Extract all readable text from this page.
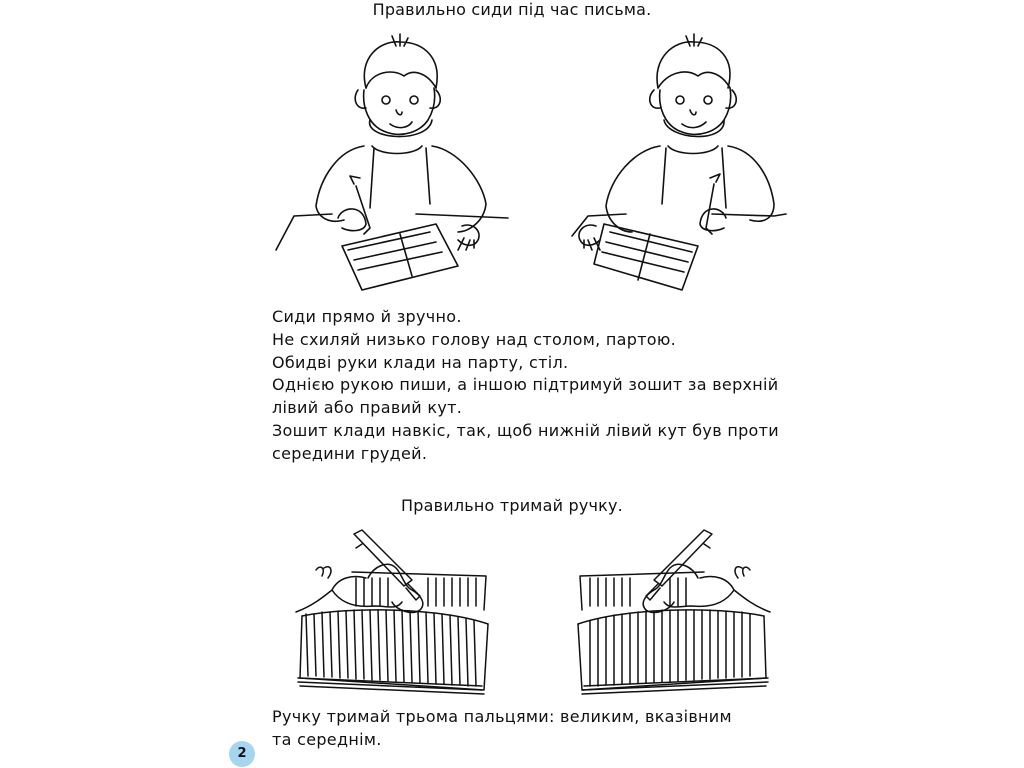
Правильно сиди під час письма.
Сиди прямо й зручно.
Не схиляй низько голову над столом, партою.
Обидві руки клади на парту, стіл.
Однією рукою пиши, а іншою підтримуй зошит за верхній
лівий або правий кут.
Зошит клади навкіс, так, щоб нижній лівий кут був проти
середини грудей.
Правильно тримай ручку.
Ручку тримай трьома пальцями: великим, вказівним
та середнім.
2
